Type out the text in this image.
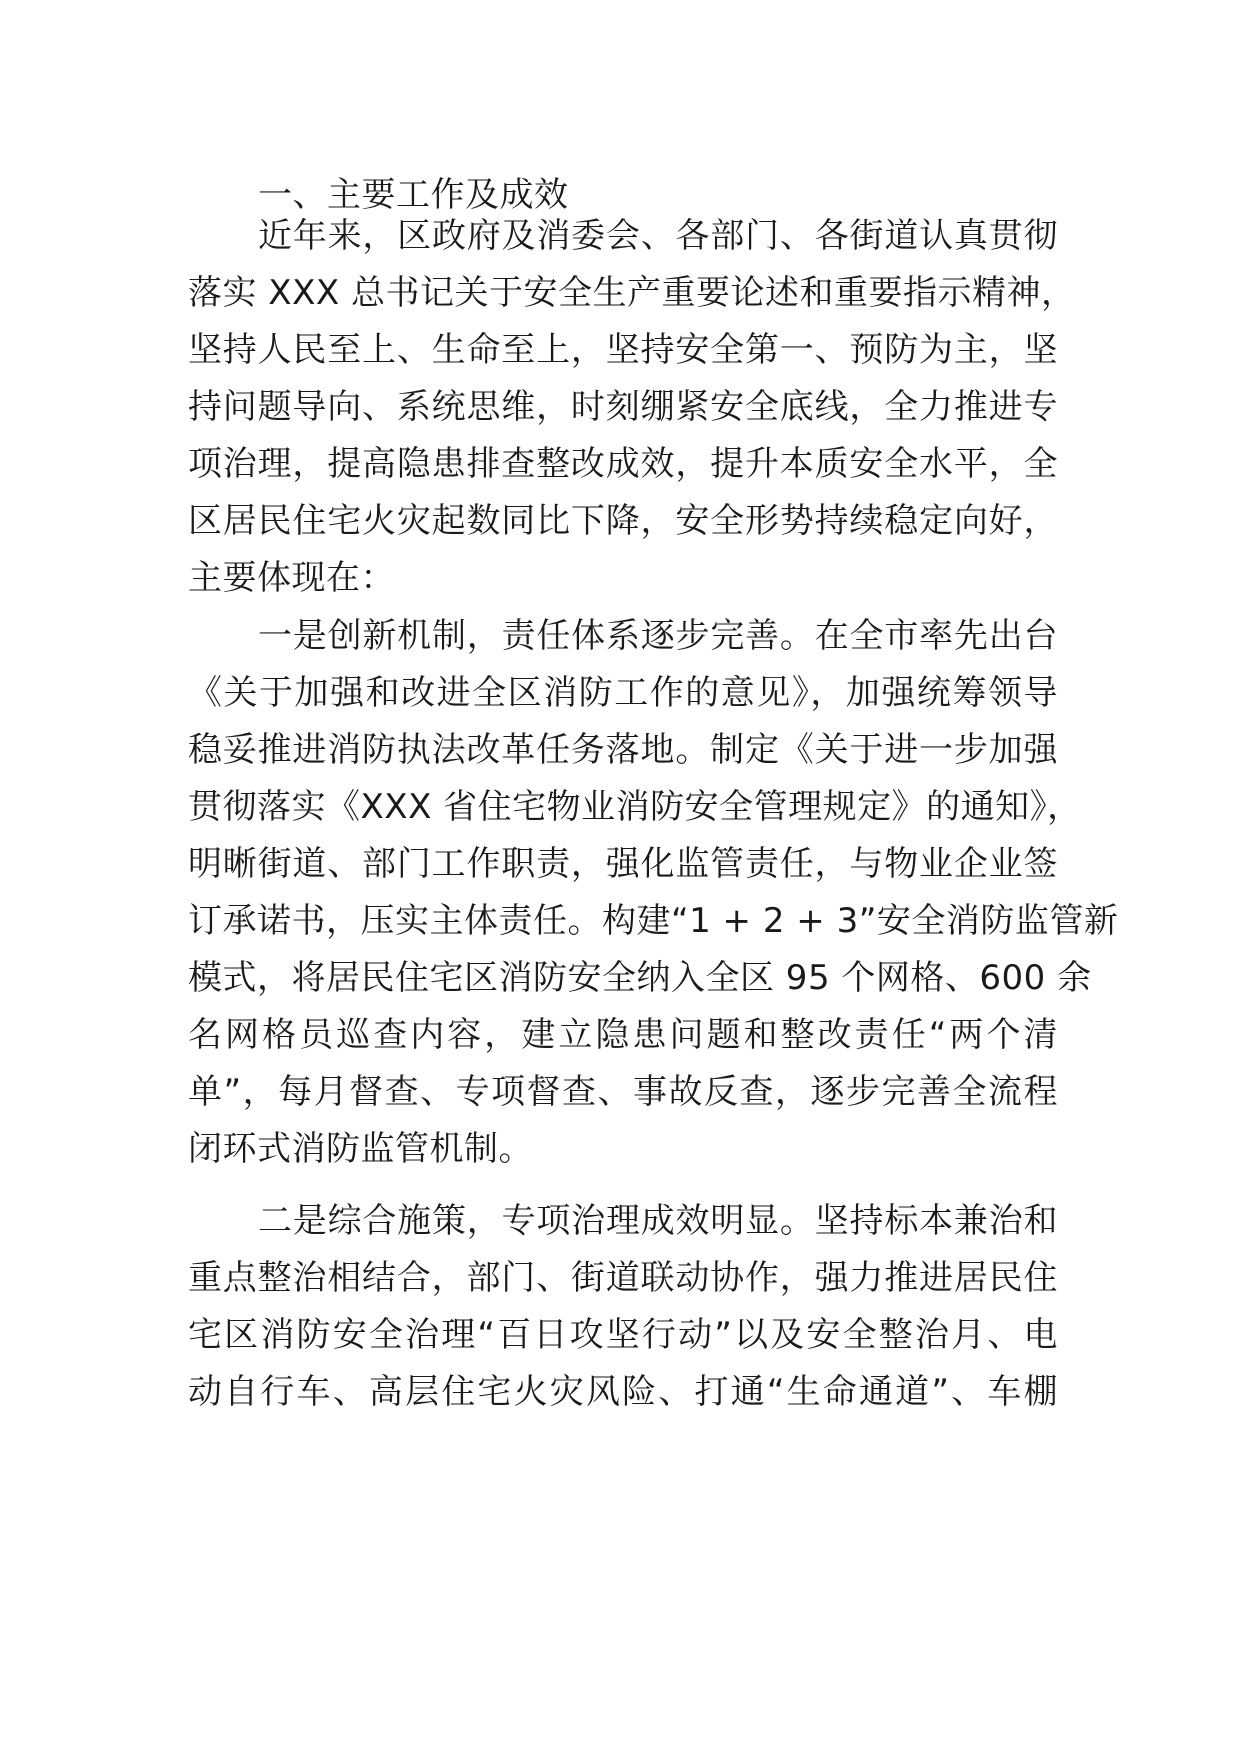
一、主要工作及成效
近年来，区政府及消委会、各部门、各街道认真贯彻
落实 XXX 总书记关于安全生产重要论述和重要指示精神，
坚持人民至上、生命至上，坚持安全第一、预防为主，坚
持问题导向、系统思维，时刻绷紧安全底线，全力推进专
项治理，提高隐患排查整改成效，提升本质安全水平，全
区居民住宅火灾起数同比下降，安全形势持续稳定向好，
主要体现在：
一是创新机制，责任体系逐步完善。在全市率先出台
《关于加强和改进全区消防工作的意见》，加强统筹领导
稳妥推进消防执法改革任务落地。制定《关于进一步加强
贯彻落实《XXX 省住宅物业消防安全管理规定》的通知》，
明晰街道、部门工作职责，强化监管责任，与物业企业签
订承诺书，压实主体责任。构建“1 + 2 + 3”安全消防监管新
模式，将居民住宅区消防安全纳入全区 95 个网格、600 余
名网格员巡查内容，建立隐患问题和整改责任“两个清
单”，每月督查、专项督查、事故反查，逐步完善全流程
闭环式消防监管机制。
二是综合施策，专项治理成效明显。坚持标本兼治和
重点整治相结合，部门、街道联动协作，强力推进居民住
宅区消防安全治理“百日攻坚行动”以及安全整治月、电
动自行车、高层住宅火灾风险、打通“生命通道”、车棚
